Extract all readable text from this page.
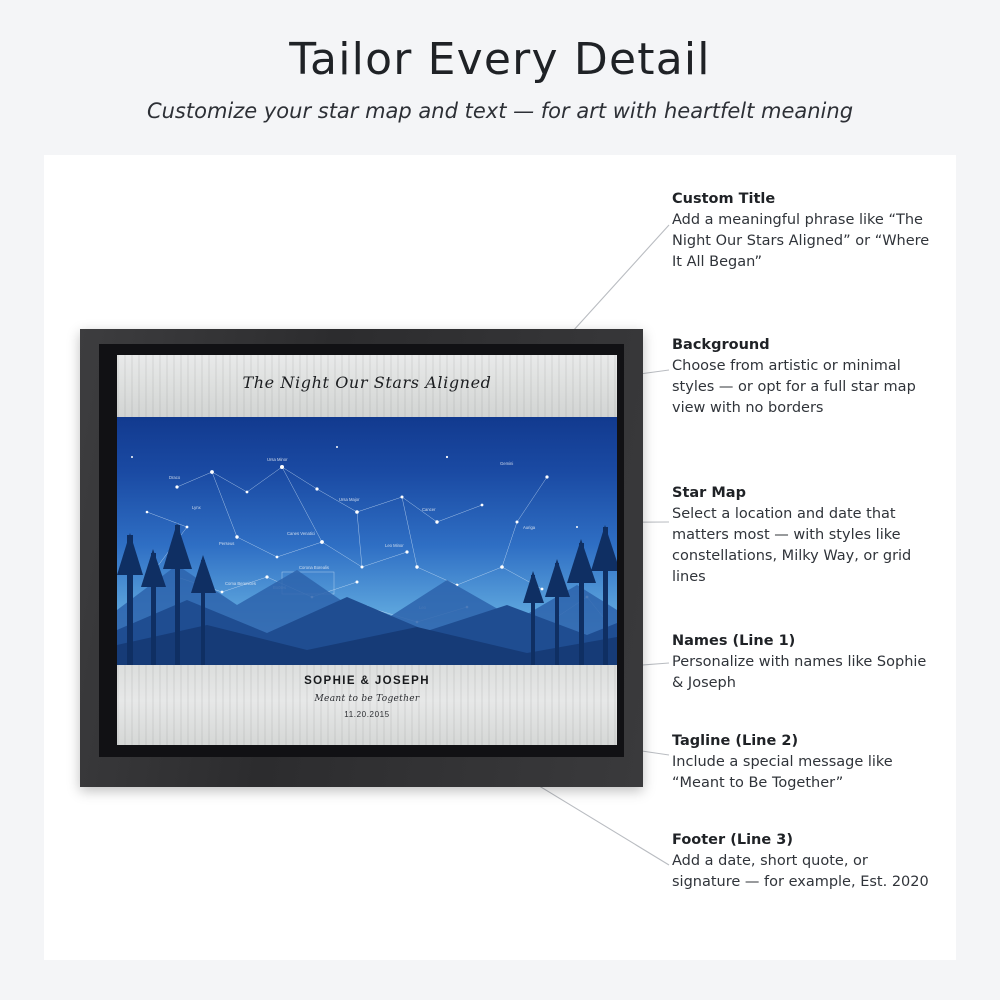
Tailor Every Detail
Customize your star map and text — for art with heartfelt meaning
Ursa Minor
Lynx
Gemini
Perseus
Ursa Major
Cancer
Canes Venatici
Coma Berenices
Leo Minor
Auriga
Draco
Corona Borealis
The Night Our Stars Aligned
SOPHIE & JOSEPH
Meant to be Together
11.20.2015
Custom Title
Add a meaningful phrase like “The Night Our Stars Aligned” or “Where It All Began”
Background
Choose from artistic or minimal styles — or opt for a full star map view with no borders
Star Map
Select a location and date that matters most — with styles like constellations, Milky Way, or grid lines
Names (Line 1)
Personalize with names like Sophie & Joseph
Tagline (Line 2)
Include a special message like “Meant to Be Together”
Footer (Line 3)
Add a date, short quote, or signature — for example, Est. 2020
